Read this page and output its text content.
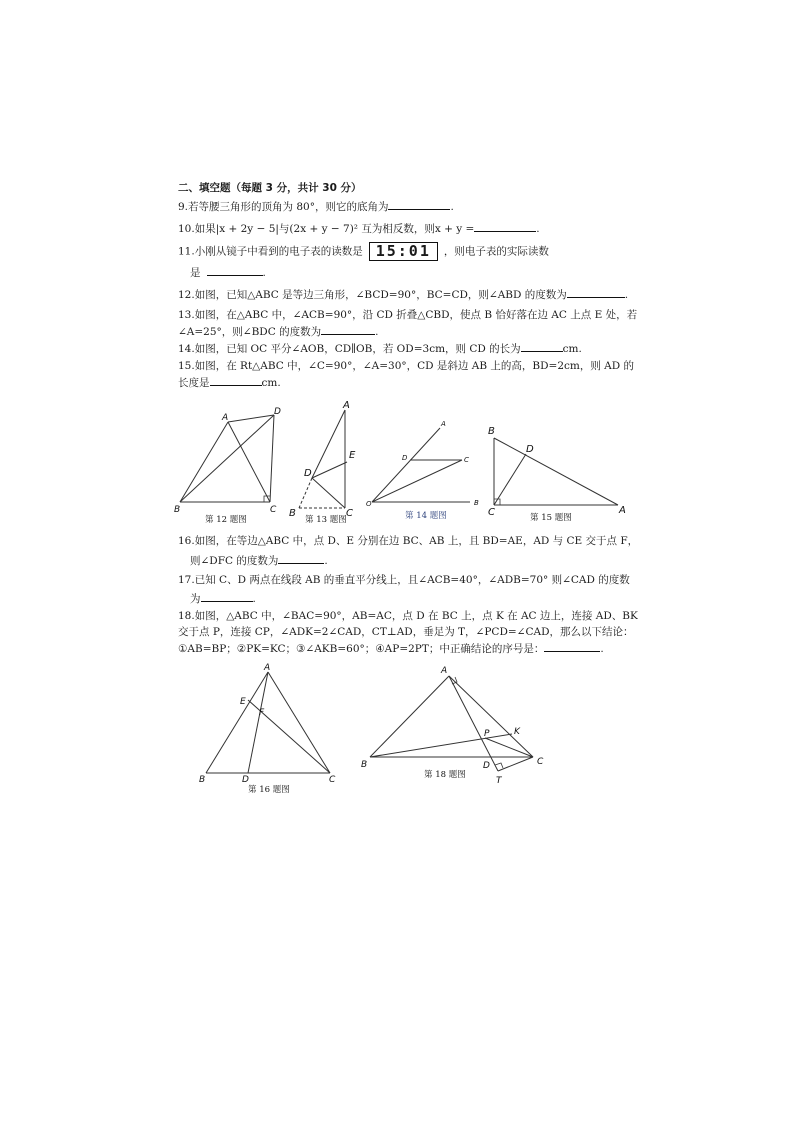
二、填空题（每题 3 分，共计 30 分）
9.若等腰三角形的顶角为 80°，则它的底角为	.
10.如果|x + 2y − 5|与(2x + y − 7)² 互为相反数，则x + y =	.
11.小刚从镜子中看到的电子表的读数是 15:01 ，则电子表的实际读数
是	.
12.如图，已知△ABC 是等边三角形，∠BCD=90°，BC=CD，则∠ABD 的度数为	.
13.如图，在△ABC 中，∠ACB=90°，沿 CD 折叠△CBD，使点 B 恰好落在边 AC 上点 E 处，若
∠A=25°，则∠BDC 的度数为	.
14.如图，已知 OC 平分∠AOB，CD∥OB，若 OD=3cm，则 CD 的长为	cm.
15.如图，在 Rt△ABC 中，∠C=90°，∠A=30°，CD 是斜边 AB 上的高，BD=2cm，则 AD 的
长度是	cm.
A
D
B	C
第 12 题图
A
E
D
B	C
第 13 题图
A
D	C
O	B
第 14 题图
B
D
C	A
第 15 题图
16.如图，在等边△ABC 中，点 D、E 分别在边 BC、AB 上，且 BD=AE，AD 与 CE 交于点 F，
则∠DFC 的度数为	.
17.已知 C、D 两点在线段 AB 的垂直平分线上，且∠ACB=40°，∠ADB=70° 则∠CAD 的度数
为	.
18.如图，△ABC 中，∠BAC=90°，AB=AC，点 D 在 BC 上，点 K 在 AC 边上，连接 AD、BK
交于点 P，连接 CP，∠ADK=2∠CAD，CT⊥AD，垂足为 T，∠PCD=∠CAD，那么以下结论：
①AB=BP；②PK=KC；③∠AKB=60°；④AP=2PT；中正确结论的序号是：	.
A
E
F
B	D	C
第 16 题图
A
K
P
B	D	C
T
第 18 题图
